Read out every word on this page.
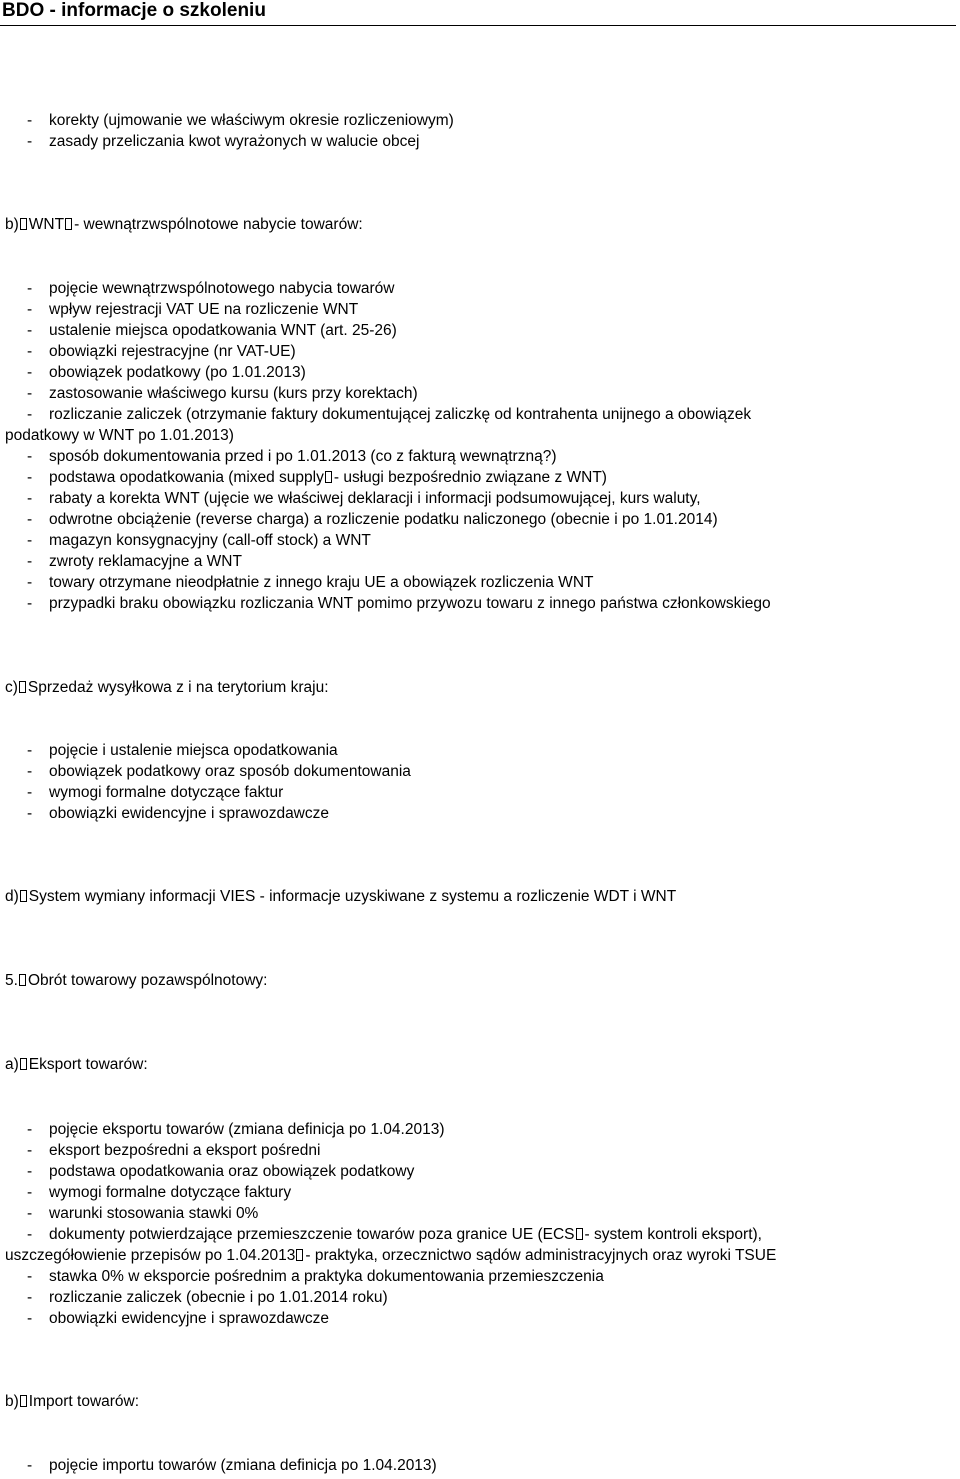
BDO - informacje o szkoleniu
- korekty (ujmowanie we właściwym okresie rozliczeniowym)
- zasady przeliczania kwot wyrażonych w walucie obcej
b) WNT - wewnątrzwspólnotowe nabycie towarów:
- pojęcie wewnątrzwspólnotowego nabycia towarów
- wpływ rejestracji VAT UE na rozliczenie WNT
- ustalenie miejsca opodatkowania WNT (art. 25-26)
- obowiązki rejestracyjne (nr VAT-UE)
- obowiązek podatkowy (po 1.01.2013)
- zastosowanie właściwego kursu (kurs przy korektach)
- rozliczanie zaliczek (otrzymanie faktury dokumentującej zaliczkę od kontrahenta unijnego a obowiązek
podatkowy w WNT po 1.01.2013)
- sposób dokumentowania przed i po 1.01.2013 (co z fakturą wewnątrzną?)
- podstawa opodatkowania (mixed supply - usługi bezpośrednio związane z WNT)
- rabaty a korekta WNT (ujęcie we właściwej deklaracji i informacji podsumowującej, kurs waluty,
- odwrotne obciążenie (reverse charga) a rozliczenie podatku naliczonego (obecnie i po 1.01.2014)
- magazyn konsygnacyjny (call-off stock) a WNT
- zwroty reklamacyjne a WNT
- towary otrzymane nieodpłatnie z innego kraju UE a obowiązek rozliczenia WNT
- przypadki braku obowiązku rozliczania WNT pomimo przywozu towaru z innego państwa członkowskiego
c) Sprzedaż wysyłkowa z i na terytorium kraju:
- pojęcie i ustalenie miejsca opodatkowania
- obowiązek podatkowy oraz sposób dokumentowania
- wymogi formalne dotyczące faktur
- obowiązki ewidencyjne i sprawozdawcze
d) System wymiany informacji VIES - informacje uzyskiwane z systemu a rozliczenie WDT i WNT
5. Obrót towarowy pozawspólnotowy:
a) Eksport towarów:
- pojęcie eksportu towarów (zmiana definicja po 1.04.2013)
- eksport bezpośredni a eksport pośredni
- podstawa opodatkowania oraz obowiązek podatkowy
- wymogi formalne dotyczące faktury
- warunki stosowania stawki 0%
- dokumenty potwierdzające przemieszczenie towarów poza granice UE (ECS - system kontroli eksport),
uszczegółowienie przepisów po 1.04.2013 - praktyka, orzecznictwo sądów administracyjnych oraz wyroki TSUE
- stawka 0% w eksporcie pośrednim a praktyka dokumentowania przemieszczenia
- rozliczanie zaliczek (obecnie i po 1.01.2014 roku)
- obowiązki ewidencyjne i sprawozdawcze
b) Import towarów:
- pojęcie importu towarów (zmiana definicja po 1.04.2013)
